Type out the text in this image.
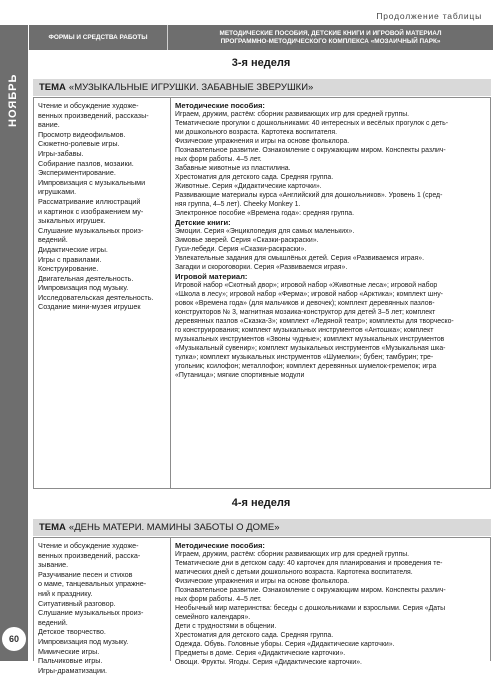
Продолжение таблицы
НОЯБРЬ
60
ФОРМЫ И СРЕДСТВА РАБОТЫ
МЕТОДИЧЕСКИЕ ПОСОБИЯ, ДЕТСКИЕ КНИГИ И ИГРОВОЙ МАТЕРИАЛ
ПРОГРАММНО-МЕТОДИЧЕСКОГО КОМПЛЕКСА «МОЗАИЧНЫЙ ПАРК»
3-я неделя
ТЕМА «МУЗЫКАЛЬНЫЕ ИГРУШКИ. ЗАБАВНЫЕ ЗВЕРУШКИ»
Чтение и обсуждение художе-
венных произведений, рассказы-
вание.
Просмотр видеофильмов.
Сюжетно-ролевые игры.
Игры-забавы.
Собирание пазлов, мозаики.
Экспериментирование.
Импровизация с музыкальными
игрушками.
Рассматривание иллюстраций
и картинок с изображением му-
зыкальных игрушек.
Слушание музыкальных произ-
ведений.
Дидактические игры.
Игры с правилами.
Конструирование.
Двигательная деятельность.
Импровизация под музыку.
Исследовательская деятельность.
Создание мини-музея игрушек
Методические пособия:
Играем, дружим, растём: сборник развивающих игр для средней группы.
Тематические прогулки с дошкольниками: 40 интересных и весёлых прогулок с деть-
ми дошкольного возраста. Картотека воспитателя.
Физические упражнения и игры на основе фольклора.
Познавательное развитие. Ознакомление с окружающим миром. Конспекты различ-
ных форм работы. 4–5 лет.
Забавные животные из пластилина.
Хрестоматия для детского сада. Средняя группа.
Животные. Серия «Дидактические карточки».
Развивающие материалы курса «Английский для дошкольников». Уровень 1 (сред-
няя группа, 4–5 лет). Cheeky Monkey 1.
Электронное пособие «Времена года»: средняя группа.
Детские книги:
Эмоции. Серия «Энциклопедия для самых маленьких».
Зимовье зверей. Серия «Сказки-раскраски».
Гуси-лебеди. Серия «Сказки-раскраски».
Увлекательные задания для смышлёных детей. Серия «Развиваемся играя».
Загадки и скороговорки. Серия «Развиваемся играя».
Игровой материал:
Игровой набор «Скотный двор»; игровой набор «Животные леса»; игровой набор
«Школа в лесу»; игровой набор «Ферма»; игровой набор «Арктика»; комплект шну-
ровок «Времена года» (для мальчиков и девочек); комплект деревянных пазлов-
конструкторов № 3, магнитная мозаика-конструктор для детей 3–5 лет; комплект
деревянных пазлов «Сказка-3»; комплект «Ледяной театр»; комплекты для творческо-
го конструирования; комплект музыкальных инструментов «Антошка»; комплект
музыкальных инструментов «Звоны чудные»; комплект музыкальных инструментов
«Музыкальный сувенир»; комплект музыкальных инструментов «Музыкальная шка-
тулка»; комплект музыкальных инструментов «Шумелки»; бубен; тамбурин; тре-
угольник; ксилофон; металлофон; комплект деревянных шумелок-гремелок; игра
«Путаница»; мягкие спортивные модули
4-я неделя
ТЕМА «ДЕНЬ МАТЕРИ. МАМИНЫ ЗАБОТЫ О ДОМЕ»
Чтение и обсуждение художе-
венных произведений, расска-
зывание.
Разучивание песен и стихов
о маме, танцевальных упражне-
ний к празднику.
Ситуативный разговор.
Слушание музыкальных произ-
ведений.
Детское творчество.
Импровизация под музыку.
Мимические игры.
Пальчиковые игры.
Игры-драматизации.
Методические пособия:
Играем, дружим, растём: сборник развивающих игр для средней группы.
Тематические дни в детском саду: 40 карточек для планирования и проведения те-
матических дней с детьми дошкольного возраста. Картотека воспитателя.
Физические упражнения и игры на основе фольклора.
Познавательное развитие. Ознакомление с окружающим миром. Конспекты различ-
ных форм работы. 4–5 лет.
Необычный мир материнства: беседы с дошкольниками и взрослыми. Серия «Даты
семейного календаря».
Дети с трудностями в общении.
Хрестоматия для детского сада. Средняя группа.
Одежда. Обувь. Головные уборы. Серия «Дидактические карточки».
Предметы в доме. Серия «Дидактические карточки».
Овощи. Фрукты. Ягоды. Серия «Дидактические карточки».
